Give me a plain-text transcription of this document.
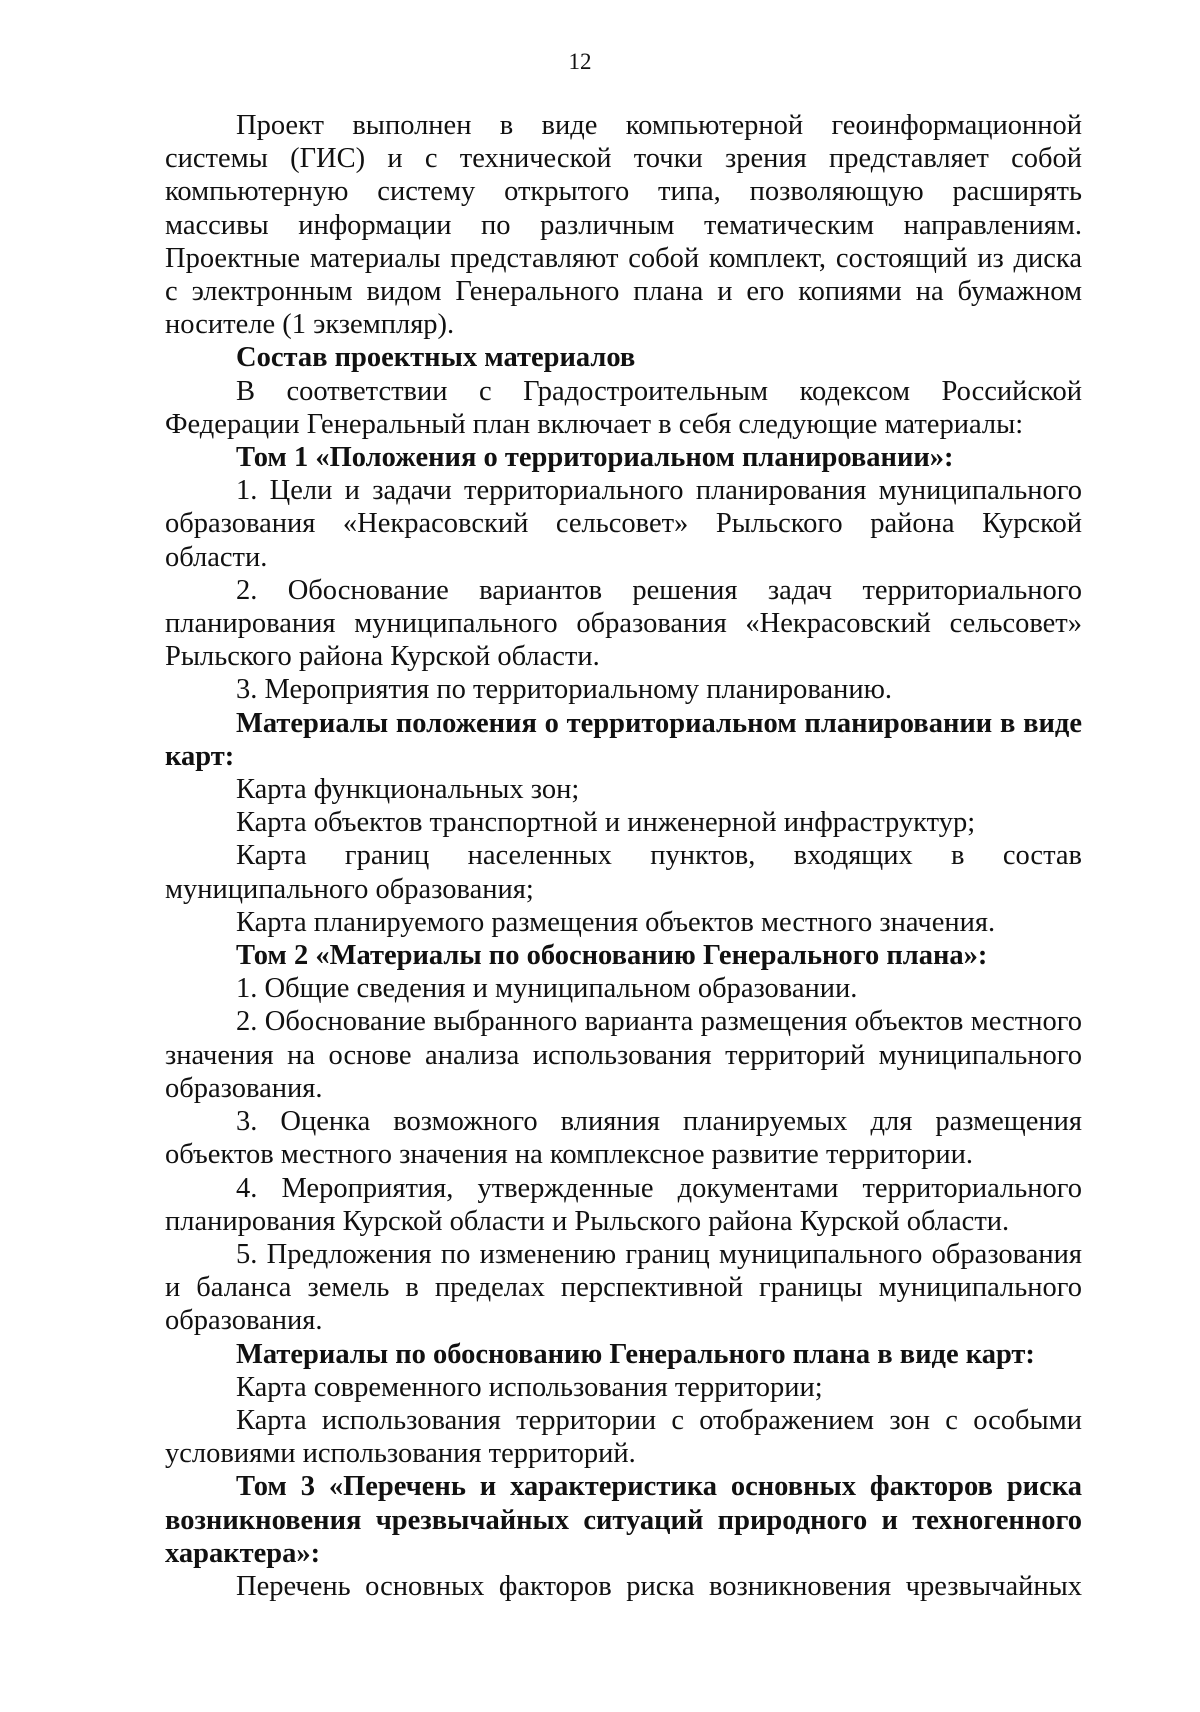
12

Проект выполнен в виде компьютерной геоинформационной системы (ГИС) и с технической точки зрения представляет собой компьютерную систему открытого типа, позволяющую расширять массивы информации по различным тематическим направлениям. Проектные материалы представляют собой комплект, состоящий из диска с электронным видом Генерального плана и его копиями на бумажном носителе (1 экземпляр).

Состав проектных материалов

В соответствии с Градостроительным кодексом Российской Федерации Генеральный план включает в себя следующие материалы:

Том 1 «Положения о территориальном планировании»:

1. Цели и задачи территориального планирования муниципального образования «Некрасовский сельсовет» Рыльского района Курской области.

2. Обоснование вариантов решения задач территориального планирования муниципального образования «Некрасовский сельсовет» Рыльского района Курской области.

3. Мероприятия по территориальному планированию.

Материалы положения о территориальном планировании в виде карт:

Карта функциональных зон;

Карта объектов транспортной и инженерной инфраструктур;

Карта границ населенных пунктов, входящих в состав муниципального образования;

Карта планируемого размещения объектов местного значения.

Том 2 «Материалы по обоснованию Генерального плана»:

1. Общие сведения и муниципальном образовании.

2. Обоснование выбранного варианта размещения объектов местного значения на основе анализа использования территорий муниципального образования.

3. Оценка возможного влияния планируемых для размещения объектов местного значения на комплексное развитие территории.

4. Мероприятия, утвержденные документами территориального планирования Курской области и Рыльского района Курской области.

5. Предложения по изменению границ муниципального образования и баланса земель в пределах перспективной границы муниципального образования.

Материалы по обоснованию Генерального плана в виде карт:

Карта современного использования территории;

Карта использования территории с отображением зон с особыми условиями использования территорий.

Том 3 «Перечень и характеристика основных факторов риска возникновения чрезвычайных ситуаций природного и техногенного характера»:

Перечень основных факторов риска возникновения чрезвычайных
